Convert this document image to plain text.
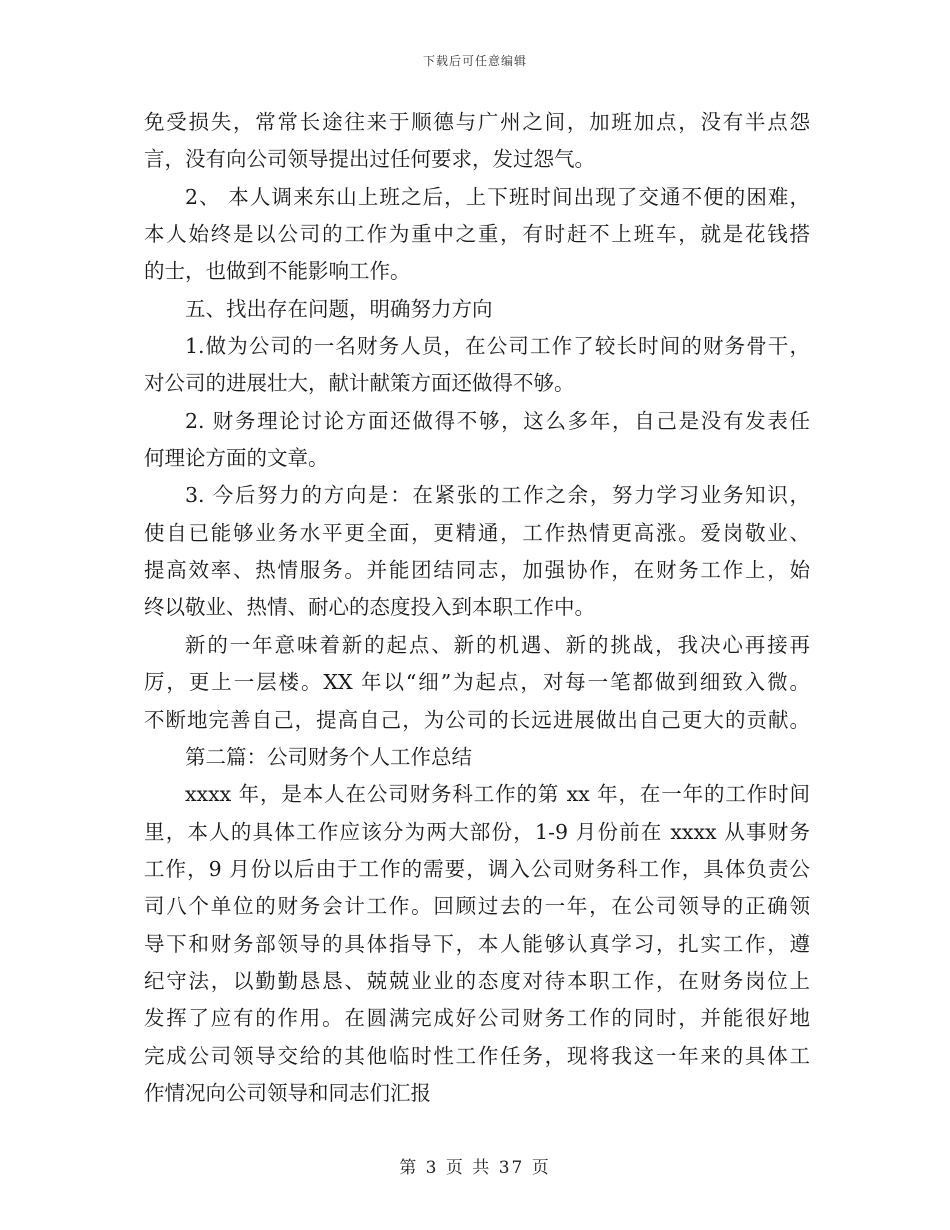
下载后可任意编辑
免受损失，常常长途往来于顺德与广州之间，加班加点，没有半点怨
言，没有向公司领导提出过任何要求，发过怨气。
2、 本人调来东山上班之后，上下班时间出现了交通不便的困难，
本人始终是以公司的工作为重中之重，有时赶不上班车，就是花钱搭
的士，也做到不能影响工作。
五、找出存在问题，明确努力方向
1.做为公司的一名财务人员，在公司工作了较长时间的财务骨干，
对公司的进展壮大，献计献策方面还做得不够。
2. 财务理论讨论方面还做得不够，这么多年，自己是没有发表任
何理论方面的文章。
3. 今后努力的方向是：在紧张的工作之余，努力学习业务知识，
使自已能够业务水平更全面，更精通，工作热情更高涨。爱岗敬业、
提高效率、热情服务。并能团结同志，加强协作，在财务工作上，始
终以敬业、热情、耐心的态度投入到本职工作中。
新的一年意味着新的起点、新的机遇、新的挑战，我决心再接再
厉，更上一层楼。XX 年以“细”为起点，对每一笔都做到细致入微。
不断地完善自己，提高自己，为公司的长远进展做出自己更大的贡献。
第二篇：公司财务个人工作总结
xxxx 年，是本人在公司财务科工作的第 xx 年，在一年的工作时间
里，本人的具体工作应该分为两大部份，1-9 月份前在 xxxx 从事财务
工作，9 月份以后由于工作的需要，调入公司财务科工作，具体负责公
司八个单位的财务会计工作。回顾过去的一年，在公司领导的正确领
导下和财务部领导的具体指导下，本人能够认真学习，扎实工作，遵
纪守法，以勤勤恳恳、兢兢业业的态度对待本职工作，在财务岗位上
发挥了应有的作用。在圆满完成好公司财务工作的同时，并能很好地
完成公司领导交给的其他临时性工作任务，现将我这一年来的具体工
作情况向公司领导和同志们汇报
第 3 页 共 37 页
